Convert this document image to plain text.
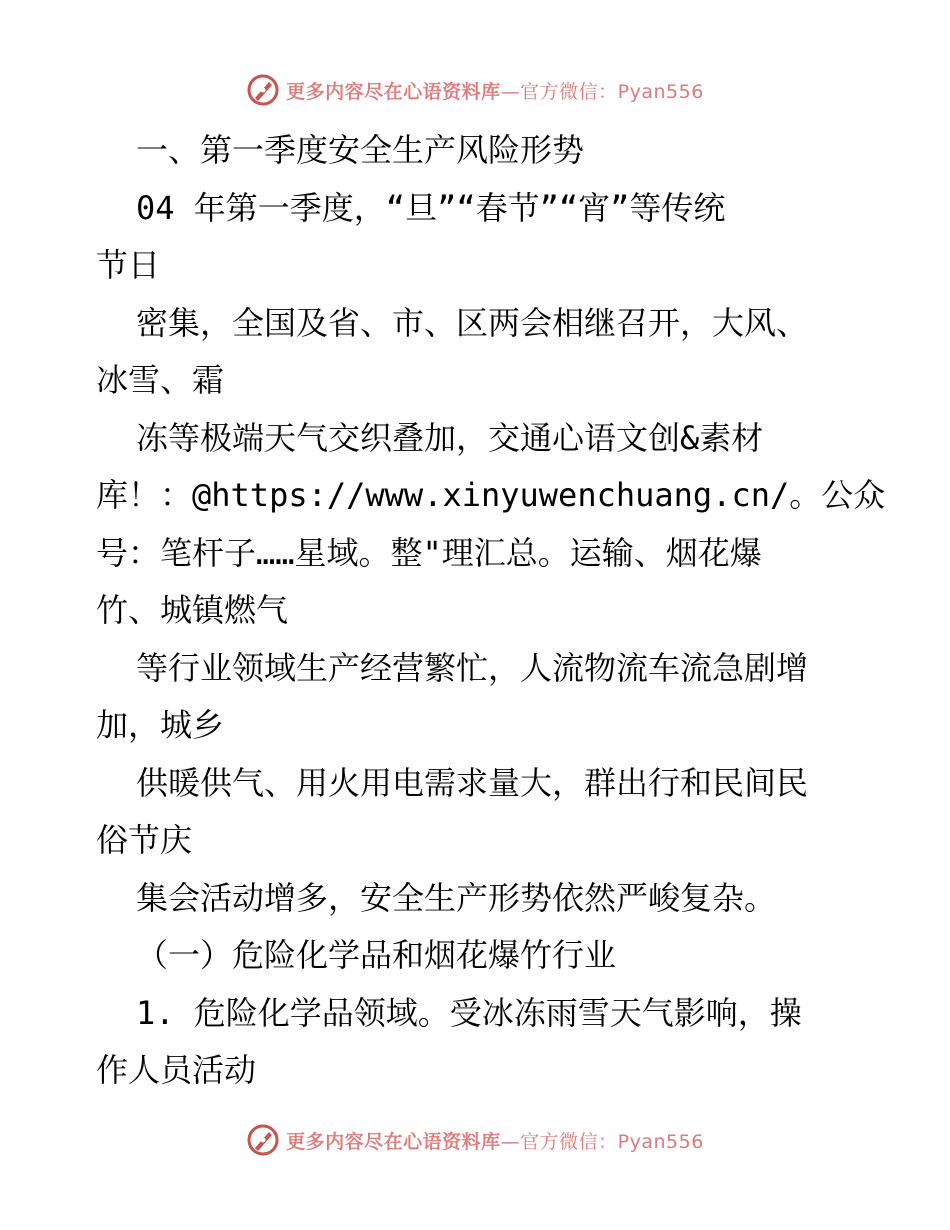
更多内容尽在心语资料库—官方微信：Pyan556
一、第一季度安全生产风险形势
04 年第一季度，“旦”“春节”“宵”等传统
节日
密集，全国及省、市、区两会相继召开，大风、
冰雪、霜
冻等极端天气交织叠加，交通心语文创&素材
库！：@https://www.xinyuwenchuang.cn/。公众
号：笔杆子……星域。整"理汇总。运输、烟花爆
竹、城镇燃气
等行业领域生产经营繁忙，人流物流车流急剧增
加，城乡
供暖供气、用火用电需求量大，群出行和民间民
俗节庆
集会活动增多，安全生产形势依然严峻复杂。
（一）危险化学品和烟花爆竹行业
1. 危险化学品领域。受冰冻雨雪天气影响，操
作人员活动
更多内容尽在心语资料库—官方微信：Pyan556
